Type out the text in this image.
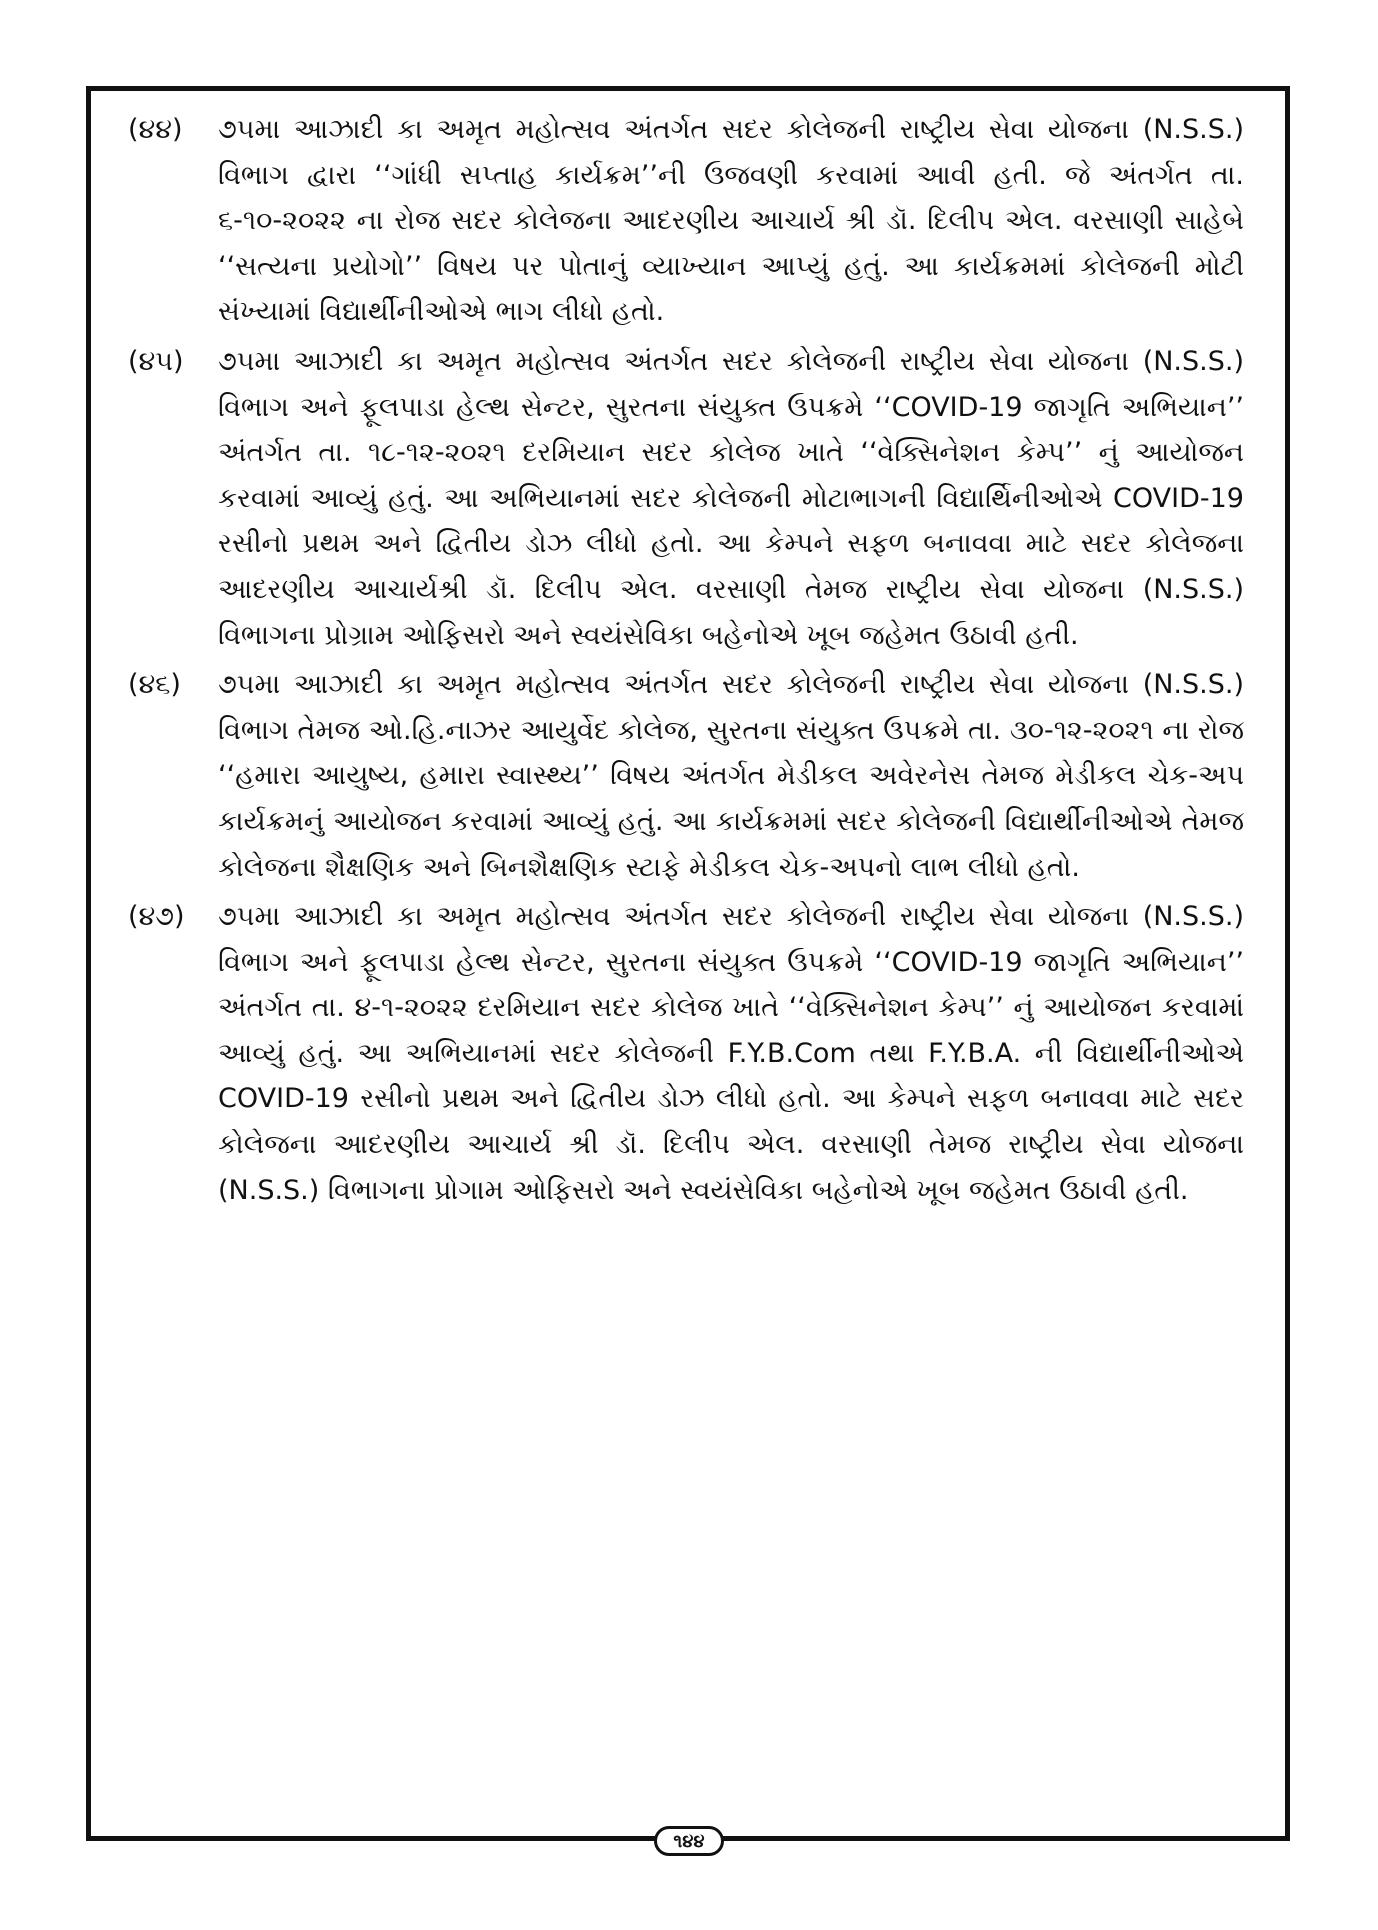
(૪૪)	૭૫મા આઝાદી કા અમૃત મહોત્સવ અંતર્ગત સદર કોલેજની રાષ્ટ્રીય સેવા યોજના (N.S.S.) વિભાગ દ્વારા ‘‘ગાંધી સપ્તાહ કાર્યક્રમ’’ની ઉજવણી કરવામાં આવી હતી. જે અંતર્ગત તા. ૬-૧૦-૨૦૨૨ ના રોજ સદર કોલેજના આદરણીય આચાર્ય શ્રી ડૉ. દિલીપ એલ. વરસાણી સાહેબે ‘‘સત્યના પ્રયોગો’’ વિષય પર પોતાનું વ્યાખ્યાન આપ્યું હતું. આ કાર્યક્રમમાં કોલેજની મોટી સંખ્યામાં વિદ્યાર્થીનીઓએ ભાગ લીધો હતો.
(૪૫)	૭૫મા આઝાદી કા અમૃત મહોત્સવ અંતર્ગત સદર કોલેજની રાષ્ટ્રીય સેવા યોજના (N.S.S.) વિભાગ અને ફૂલપાડા હેલ્થ સેન્ટર, સુરતના સંયુક્ત ઉપક્રમે ‘‘COVID-19 જાગૃતિ અભિયાન’’ અંતર્ગત તા. ૧૮-૧૨-૨૦૨૧ દરમિયાન સદર કોલેજ ખાતે ‘‘વેક્સિનેશન કેમ્પ’’ નું આયોજન કરવામાં આવ્યું હતું. આ અભિયાનમાં સદર કોલેજની મોટાભાગની વિદ્યાર્થિનીઓએ COVID-19 રસીનો પ્રથમ અને દ્વિતીય ડોઝ લીધો હતો. આ કેમ્પને સફળ બનાવવા માટે સદર કોલેજના આદરણીય આચાર્યશ્રી ડૉ. દિલીપ એલ. વરસાણી તેમજ રાષ્ટ્રીય સેવા યોજના (N.S.S.) વિભાગના પ્રોગ્રામ ઓફિસરો અને સ્વયંસેવિકા બહેનોએ ખૂબ જહેમત ઉઠાવી હતી.
(૪૬)	૭૫મા આઝાદી કા અમૃત મહોત્સવ અંતર્ગત સદર કોલેજની રાષ્ટ્રીય સેવા યોજના (N.S.S.) વિભાગ તેમજ ઓ.હિ.નાઝર આયુર્વેદ કોલેજ, સુરતના સંયુક્ત ઉપક્રમે તા. ૩૦-૧૨-૨૦૨૧ ના રોજ ‘‘હમારા આયુષ્ય, હમારા સ્વાસ્થ્ય’’ વિષય અંતર્ગત મેડીકલ અવેરનેસ તેમજ મેડીકલ ચેક-અપ કાર્યક્રમનું આયોજન કરવામાં આવ્યું હતું. આ કાર્યક્રમમાં સદર કોલેજની વિદ્યાર્થીનીઓએ તેમજ કોલેજના શૈક્ષણિક અને બિનશૈક્ષણિક સ્ટાફે મેડીકલ ચેક-અપનો લાભ લીધો હતો.
(૪૭)	૭૫મા આઝાદી કા અમૃત મહોત્સવ અંતર્ગત સદર કોલેજની રાષ્ટ્રીય સેવા યોજના (N.S.S.) વિભાગ અને ફૂલપાડા હેલ્થ સેન્ટર, સુરતના સંયુક્ત ઉપક્રમે ‘‘COVID-19 જાગૃતિ અભિયાન’’ અંતર્ગત તા. ૪-૧-૨૦૨૨ દરમિયાન સદર કોલેજ ખાતે ‘‘વેક્સિનેશન કેમ્પ’’ નું આયોજન કરવામાં આવ્યું હતું. આ અભિયાનમાં સદર કોલેજની F.Y.B.Com તથા F.Y.B.A. ની વિદ્યાર્થીનીઓએ COVID-19 રસીનો પ્રથમ અને દ્વિતીય ડોઝ લીધો હતો. આ કેમ્પને સફળ બનાવવા માટે સદર કોલેજના આદરણીય આચાર્ય શ્રી ડૉ. દિલીપ એલ. વરસાણી તેમજ રાષ્ટ્રીય સેવા યોજના (N.S.S.) વિભાગના પ્રોગામ ઓફિસરો અને સ્વયંસેવિકા બહેનોએ ખૂબ જહેમત ઉઠાવી હતી.
૧૪૪
